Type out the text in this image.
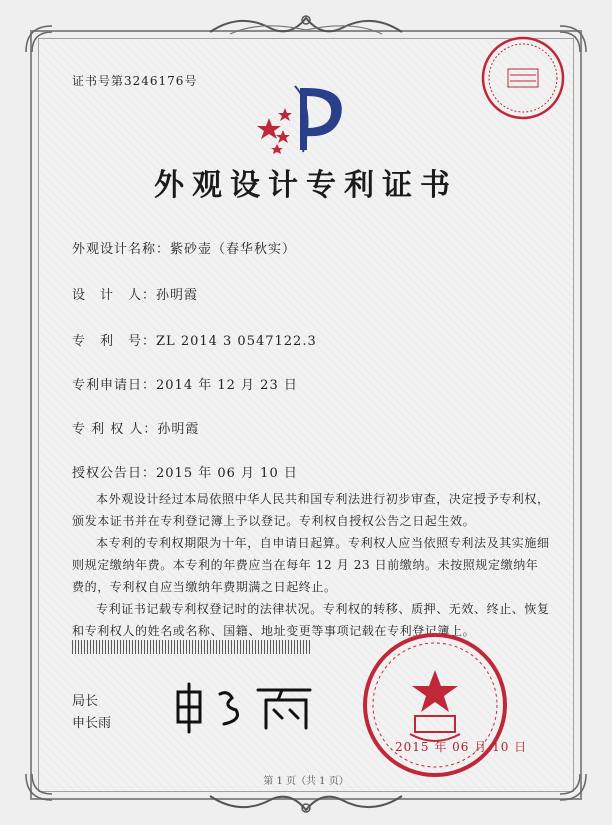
证书号第3246176号
外观设计专利证书
外观设计名称：紫砂壶（春华秋实）
设　计　人：孙明霞
专　利　号：ZL 2014 3 0547122.3
专利申请日：2014 年 12 月 23 日
专 利 权 人：孙明霞
授权公告日：2015 年 06 月 10 日

本外观设计经过本局依照中华人民共和国专利法进行初步审查，决定授予专利权，颁发本证书并在专利登记簿上予以登记。专利权自授权公告之日起生效。

本专利的专利权期限为十年，自申请日起算。专利权人应当依照专利法及其实施细则规定缴纳年费。本专利的年费应当在每年 12 月 23 日前缴纳。未按照规定缴纳年费的，专利权自应当缴纳年费期满之日起终止。

专利证书记载专利权登记时的法律状况。专利权的转移、质押、无效、终止、恢复和专利权人的姓名或名称、国籍、地址变更等事项记载在专利登记簿上。

局长
申长雨
2015 年 06 月 10 日
第 1 页（共 1 页）
